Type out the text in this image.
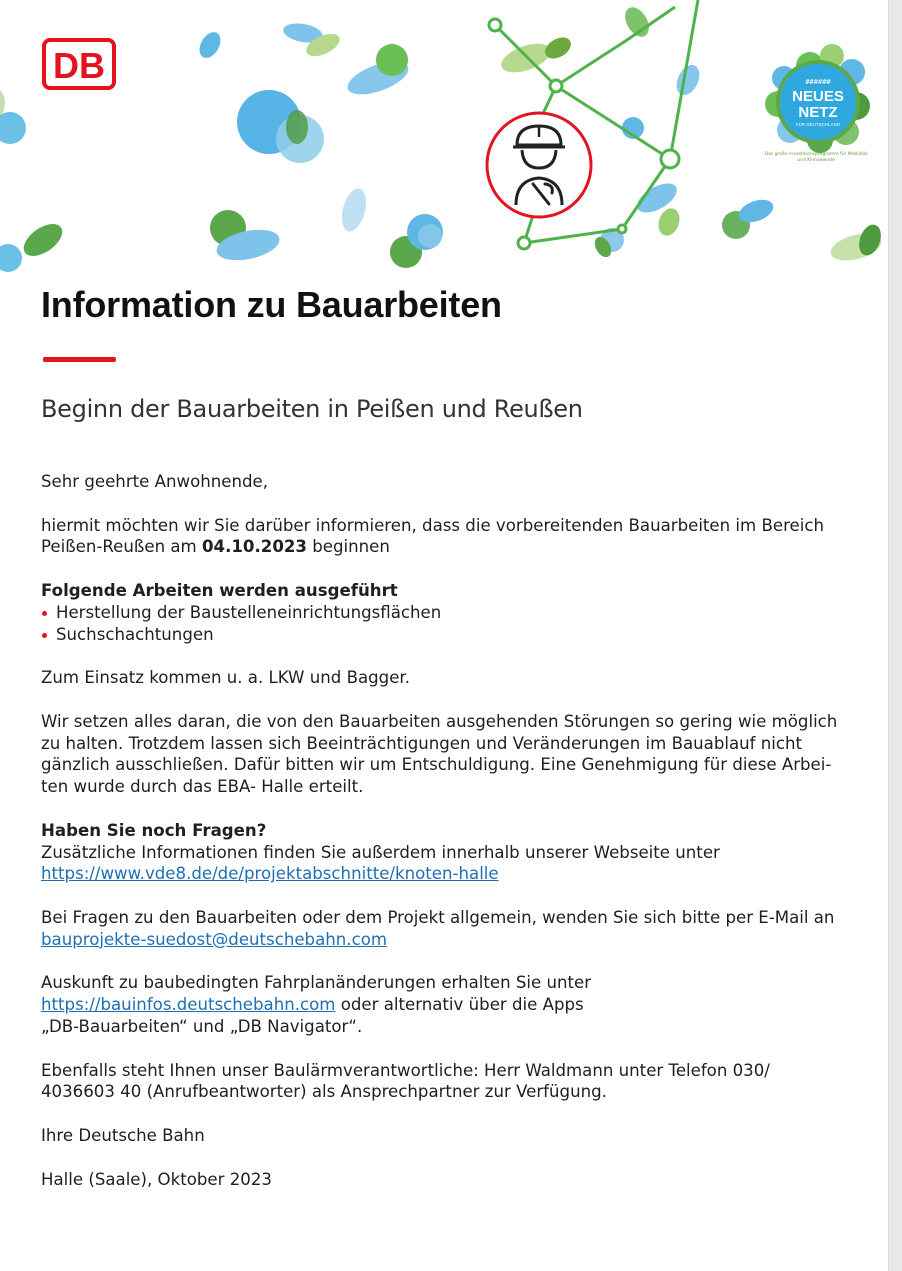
DB	######
NEUES
NETZ
FÜR DEUTSCHLAND
Das große Investitionsprogramm für Mobilität und Klimawende
Information zu Bauarbeiten
Beginn der Bauarbeiten in Peißen und Reußen

Sehr geehrte Anwohnende,

hiermit möchten wir Sie darüber informieren, dass die vorbereitenden Bauarbeiten im Bereich Peißen-Reußen am 04.10.2023 beginnen

Folgende Arbeiten werden ausgeführt
Herstellung der Baustelleneinrichtungsflächen
Suchschachtungen

Zum Einsatz kommen u. a. LKW und Bagger.

Wir setzen alles daran, die von den Bauarbeiten ausgehenden Störungen so gering wie möglich
zu halten. Trotzdem lassen sich Beeinträchtigungen und Veränderungen im Bauablauf nicht
gänzlich ausschließen. Dafür bitten wir um Entschuldigung. Eine Genehmigung für diese Arbei-
ten wurde durch das EBA- Halle erteilt.

Haben Sie noch Fragen?
Zusätzliche Informationen finden Sie außerdem innerhalb unserer Webseite unter
https://www.vde8.de/de/projektabschnitte/knoten-halle

Bei Fragen zu den Bauarbeiten oder dem Projekt allgemein, wenden Sie sich bitte per E-Mail an
bauprojekte-suedost@deutschebahn.com

Auskunft zu baubedingten Fahrplanänderungen erhalten Sie unter
https://bauinfos.deutschebahn.com oder alternativ über die Apps
„DB-Bauarbeiten“ und „DB Navigator“.

Ebenfalls steht Ihnen unser Baulärmverantwortliche: Herr Waldmann unter Telefon 030/
4036603 40 (Anrufbeantworter) als Ansprechpartner zur Verfügung.

Ihre Deutsche Bahn

Halle (Saale), Oktober 2023
